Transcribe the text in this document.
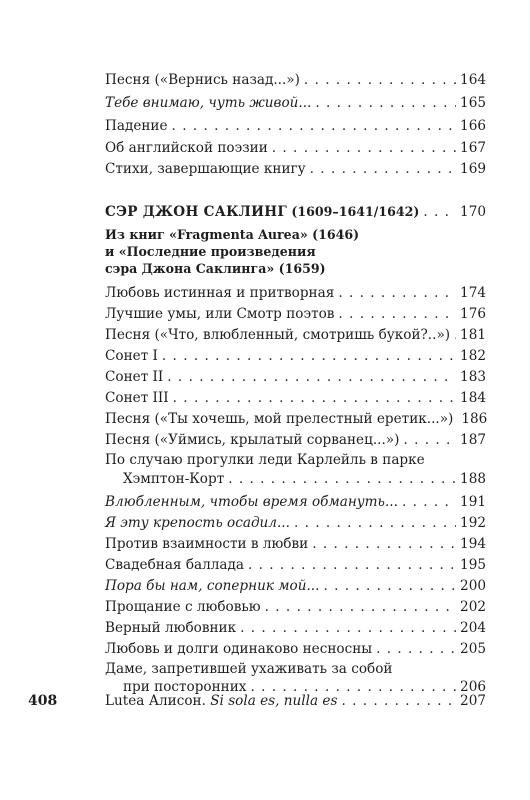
Песня («Вернись назад...») . . .	164
Тебе внимаю, чуть живой... . . .	165
Падение . . .	166
Об английской поэзии . . .	167
Стихи, завершающие книгу . . .	169
СЭР ДЖОН САКЛИНГ (1609–1641/1642) . . .	170
Из книг «Fragmenta Aurea» (1646)
и «Последние произведения
сэра Джона Саклинга» (1659)
Любовь истинная и притворная . . .	174
Лучшие умы, или Смотр поэтов . . .	176
Песня («Что, влюбленный, смотришь букой?..») . . . 181
Сонет I . . .	182
Сонет II . . .	183
Сонет III . . .	184
Песня («Ты хочешь, мой прелестный еретик...») 186
Песня («Уймись, крылатый сорванец...») . . .	187
По случаю прогулки леди Карлейль в парке
Хэмптон-Корт . . .	188
Влюбленным, чтобы время обмануть... . . .	191
Я эту крепость осадил... . . .	192
Против взаимности в любви . . .	194
Свадебная баллада . . .	195
Пора бы нам, соперник мой... . . .	200
Прощание с любовью . . .	202
Верный любовник . . .	204
Любовь и долги одинаково несносны . . .	205
Даме, запретившей ухаживать за собой
при посторонних . . .	206
Lutea Алисон. Si sola es, nulla es . . .	207
408
